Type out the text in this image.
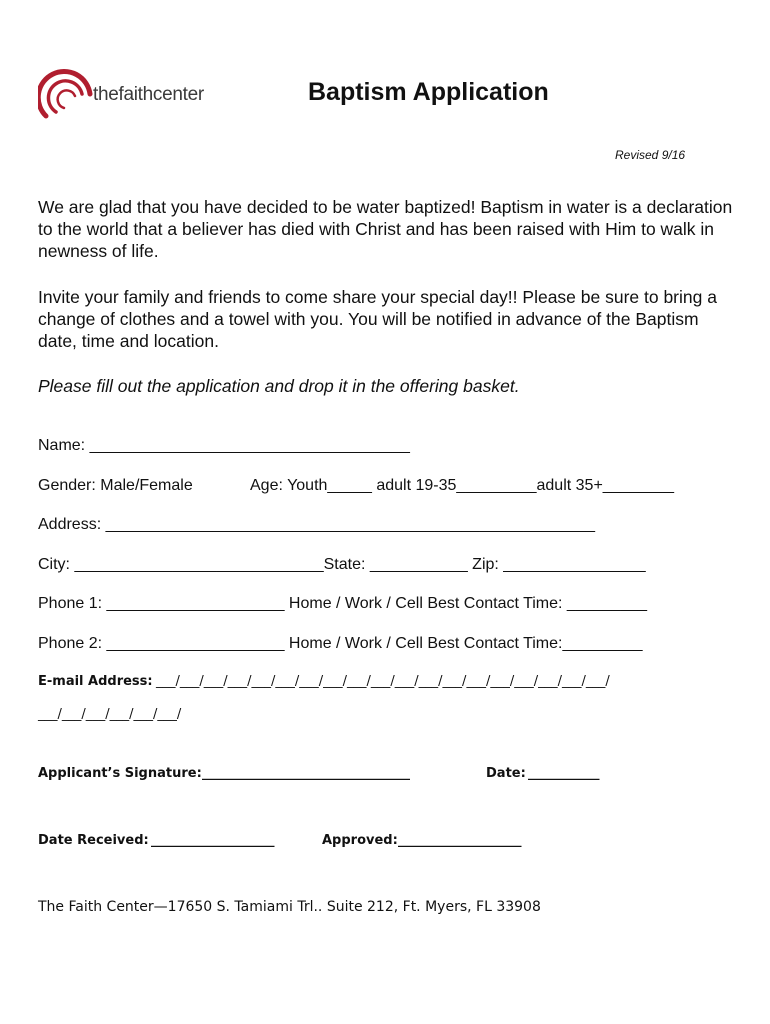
thefaithcenter	Baptism Application
Revised 9/16
We are glad that you have decided to be water baptized! Baptism in water is a declaration to the world that a believer has died with Christ and has been raised with Him to walk in newness of life.
Invite your family and friends to come share your special day!! Please be sure to bring a change of clothes and a towel with you. You will be notified in advance of the Baptism date, time and location.
Please fill out the application and drop it in the offering basket.
Name: ____________________________________
Gender: Male/Female	Age: Youth_____ adult 19-35_________adult 35+________
Address: _______________________________________________________
City: ____________________________State: ___________ Zip: ________________
Phone 1: ____________________ Home / Work / Cell Best Contact Time: _________
Phone 2: ____________________ Home / Work / Cell Best Contact Time:_________
E-mail Address: ___/___/___/___/___/___/___/___/___/___/___/___/___/___/___/___/___/___/___/
___/___/___/___/___/___/
Applicant’s Signature: ________________________________	Date: ___________
Date Received: ___________________	Approved: ___________________
The Faith Center—17650 S. Tamiami Trl.. Suite 212, Ft. Myers, FL 33908
